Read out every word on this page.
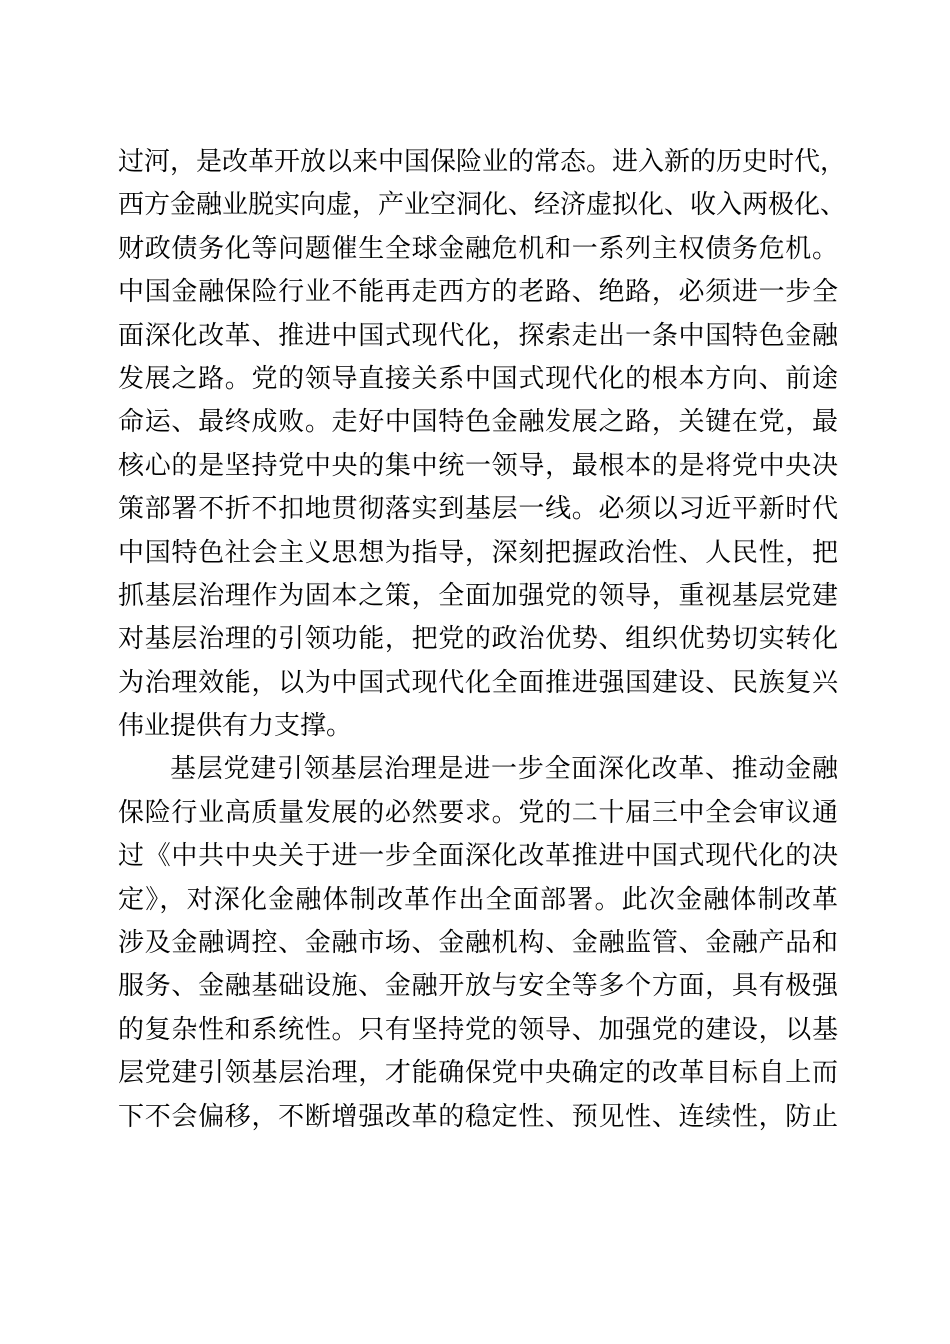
过河，是改革开放以来中国保险业的常态。进入新的历史时代，
西方金融业脱实向虚，产业空洞化、经济虚拟化、收入两极化、
财政债务化等问题催生全球金融危机和一系列主权债务危机。
中国金融保险行业不能再走西方的老路、绝路，必须进一步全
面深化改革、推进中国式现代化，探索走出一条中国特色金融
发展之路。党的领导直接关系中国式现代化的根本方向、前途
命运、最终成败。走好中国特色金融发展之路，关键在党，最
核心的是坚持党中央的集中统一领导，最根本的是将党中央决
策部署不折不扣地贯彻落实到基层一线。必须以习近平新时代
中国特色社会主义思想为指导，深刻把握政治性、人民性，把
抓基层治理作为固本之策，全面加强党的领导，重视基层党建
对基层治理的引领功能，把党的政治优势、组织优势切实转化
为治理效能，以为中国式现代化全面推进强国建设、民族复兴
伟业提供有力支撑。
基层党建引领基层治理是进一步全面深化改革、推动金融
保险行业高质量发展的必然要求。党的二十届三中全会审议通
过《中共中央关于进一步全面深化改革推进中国式现代化的决
定》，对深化金融体制改革作出全面部署。此次金融体制改革
涉及金融调控、金融市场、金融机构、金融监管、金融产品和
服务、金融基础设施、金融开放与安全等多个方面，具有极强
的复杂性和系统性。只有坚持党的领导、加强党的建设，以基
层党建引领基层治理，才能确保党中央确定的改革目标自上而
下不会偏移，不断增强改革的稳定性、预见性、连续性，防止
